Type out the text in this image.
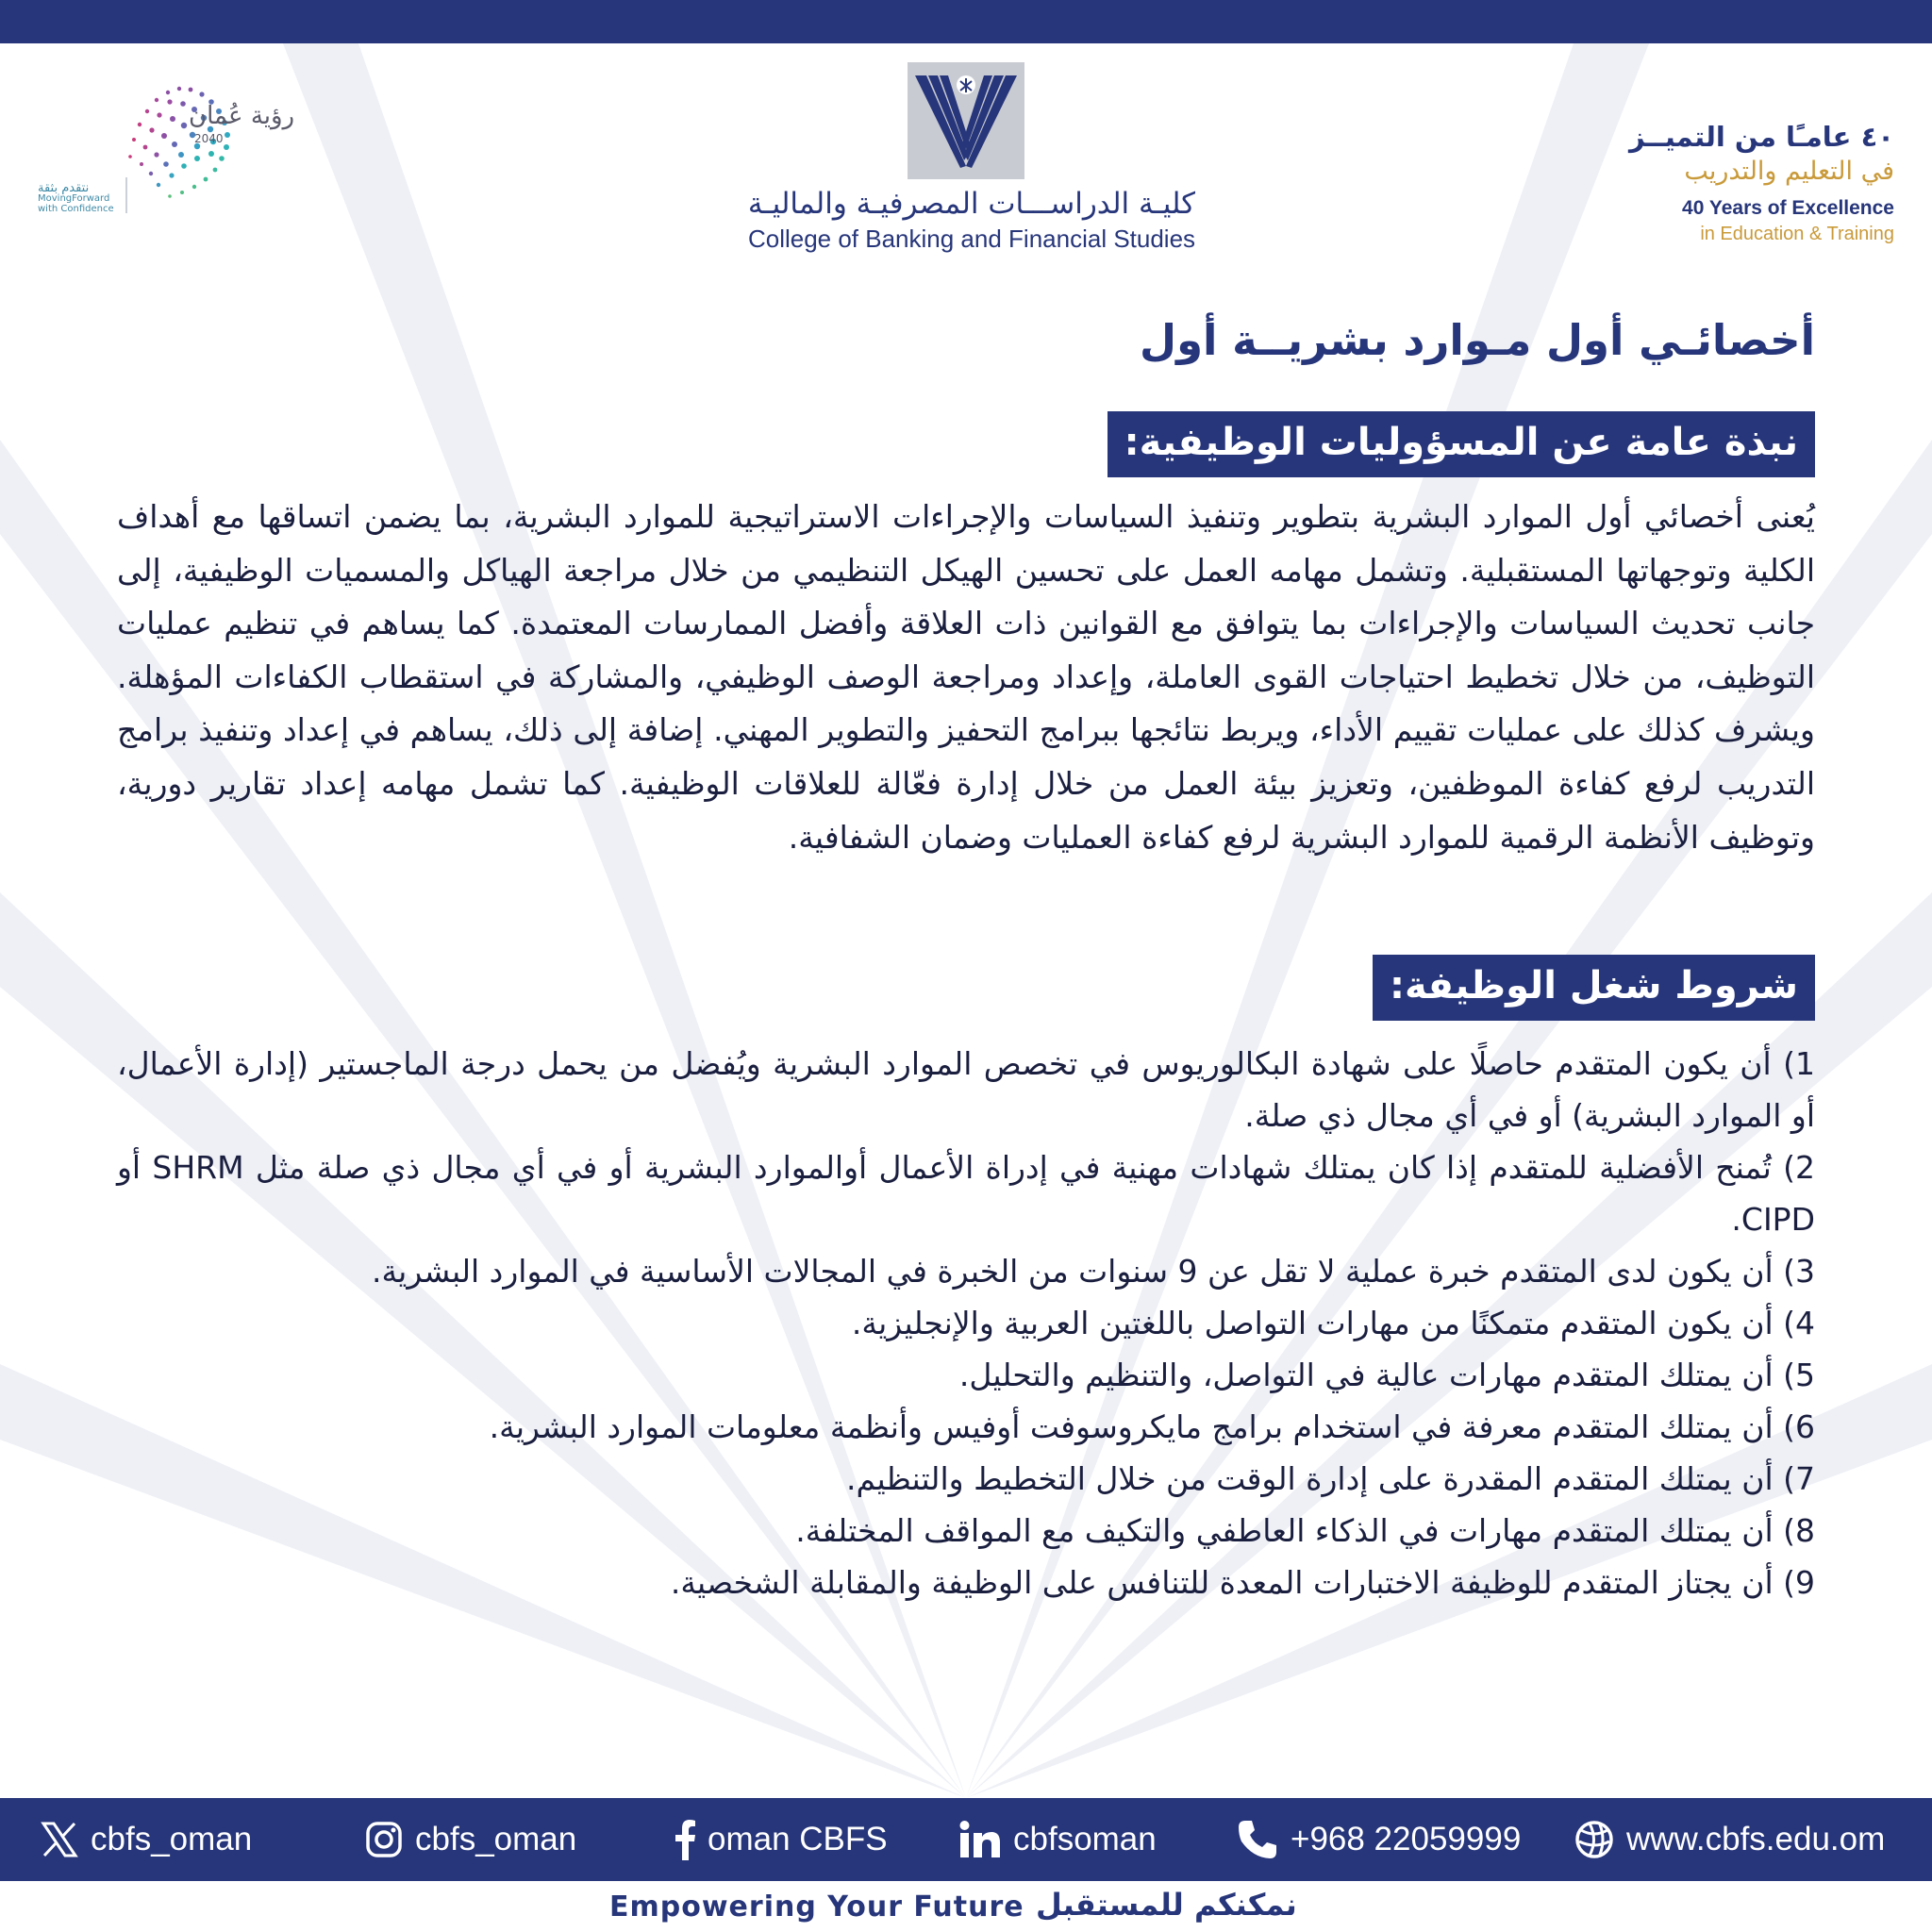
رؤية عُمان
2040
نتقدم بثقة
MovingForward
with Confidence	كليـة الدراســـات المصرفيـة والماليـة
College of Banking and Financial Studies
٤٠ عامـًا من التميــز
في التعليم والتدريب
40 Years of Excellence
in Education & Training
أخصائـي أول مـوارد بشريــة أول
نبذة عامة عن المسؤوليات الوظيفية:
يُعنى أخصائي أول الموارد البشرية بتطوير وتنفيذ السياسات والإجراءات الاستراتيجية للموارد البشرية، بما يضمن اتساقها مع أهداف الكلية وتوجهاتها المستقبلية. وتشمل مهامه العمل على تحسين الهيكل التنظيمي من خلال مراجعة الهياكل والمسميات الوظيفية، إلى جانب تحديث السياسات والإجراءات بما يتوافق مع القوانين ذات العلاقة وأفضل الممارسات المعتمدة. كما يساهم في تنظيم عمليات التوظيف، من خلال تخطيط احتياجات القوى العاملة، وإعداد ومراجعة الوصف الوظيفي، والمشاركة في استقطاب الكفاءات المؤهلة. ويشرف كذلك على عمليات تقييم الأداء، ويربط نتائجها ببرامج التحفيز والتطوير المهني. إضافة إلى ذلك، يساهم في إعداد وتنفيذ برامج التدريب لرفع كفاءة الموظفين، وتعزيز بيئة العمل من خلال إدارة فعّالة للعلاقات الوظيفية. كما تشمل مهامه إعداد تقارير دورية، وتوظيف الأنظمة الرقمية للموارد البشرية لرفع كفاءة العمليات وضمان الشفافية.
شروط شغل الوظيفة:
1) أن يكون المتقدم حاصلًا على شهادة البكالوريوس في تخصص الموارد البشرية ويُفضل من يحمل درجة الماجستير (إدارة الأعمال، أو الموارد البشرية) أو في أي مجال ذي صلة.
2) تُمنح الأفضلية للمتقدم إذا كان يمتلك شهادات مهنية في إدراة الأعمال أوالموارد البشرية أو في أي مجال ذي صلة مثل SHRM أو CIPD.
3) أن يكون لدى المتقدم خبرة عملية لا تقل عن 9 سنوات من الخبرة في المجالات الأساسية في الموارد البشرية.
4) أن يكون المتقدم متمكنًا من مهارات التواصل باللغتين العربية والإنجليزية.
5) أن يمتلك المتقدم مهارات عالية في التواصل، والتنظيم والتحليل.
6) أن يمتلك المتقدم معرفة في استخدام برامج مايكروسوفت أوفيس وأنظمة معلومات الموارد البشرية.
7) أن يمتلك المتقدم المقدرة على إدارة الوقت من خلال التخطيط والتنظيم.
8) أن يمتلك المتقدم مهارات في الذكاء العاطفي والتكيف مع المواقف المختلفة.
9) أن يجتاز المتقدم للوظيفة الاختبارات المعدة للتنافس على الوظيفة والمقابلة الشخصية.
cbfs_oman	cbfs_oman	oman CBFS	cbfsoman	+968 22059999	www.cbfs.edu.om
Empowering Your Future نمكنكم للمستقبل
